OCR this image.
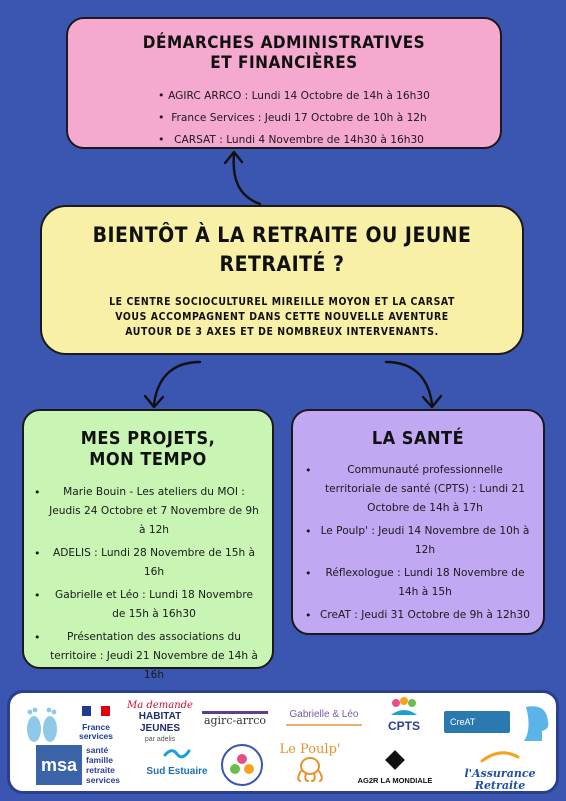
DÉMARCHES ADMINISTRATIVES
ET FINANCIÈRES
• AGIRC ARRCO : Lundi 14 Octobre de 14h à 16h30
• France Services : Jeudi 17 Octobre de 10h à 12h
• CARSAT : Lundi 4 Novembre de 14h30 à 16h30
BIENTÔT À LA RETRAITE OU JEUNE
RETRAITÉ ?
LE CENTRE SOCIOCULTUREL MIREILLE MOYON ET LA CARSAT
VOUS ACCOMPAGNENT DANS CETTE NOUVELLE AVENTURE
AUTOUR DE 3 AXES ET DE NOMBREUX INTERVENANTS.
MES PROJETS,
MON TEMPO
• Marie Bouin - Les ateliers du MOI : Jeudis 24 Octobre et 7 Novembre de 9h à 12h
• ADELIS : Lundi 28 Novembre de 15h à 16h
• Gabrielle et Léo : Lundi 18 Novembre de 15h à 16h30
• Présentation des associations du territoire : Jeudi 21 Novembre de 14h à 16h
LA SANTÉ
• Communauté professionnelle territoriale de santé (CPTS) : Lundi 21 Octobre de 14h à 17h
• Le Poulp' : Jeudi 14 Novembre de 10h à 12h
• Réflexologue : Lundi 18 Novembre de 14h à 15h
• CreAT : Jeudi 31 Octobre de 9h à 12h30
France services
Ma demande
HABITAT JEUNES
par adelis
agirc-arrco	Gabrielle & Léo
CPTS	CreAT
msa
santé
famille
retraite
services
Sud Estuaire
Le Poulp'
AG2R LA MONDIALE
l'Assurance
Retraite
